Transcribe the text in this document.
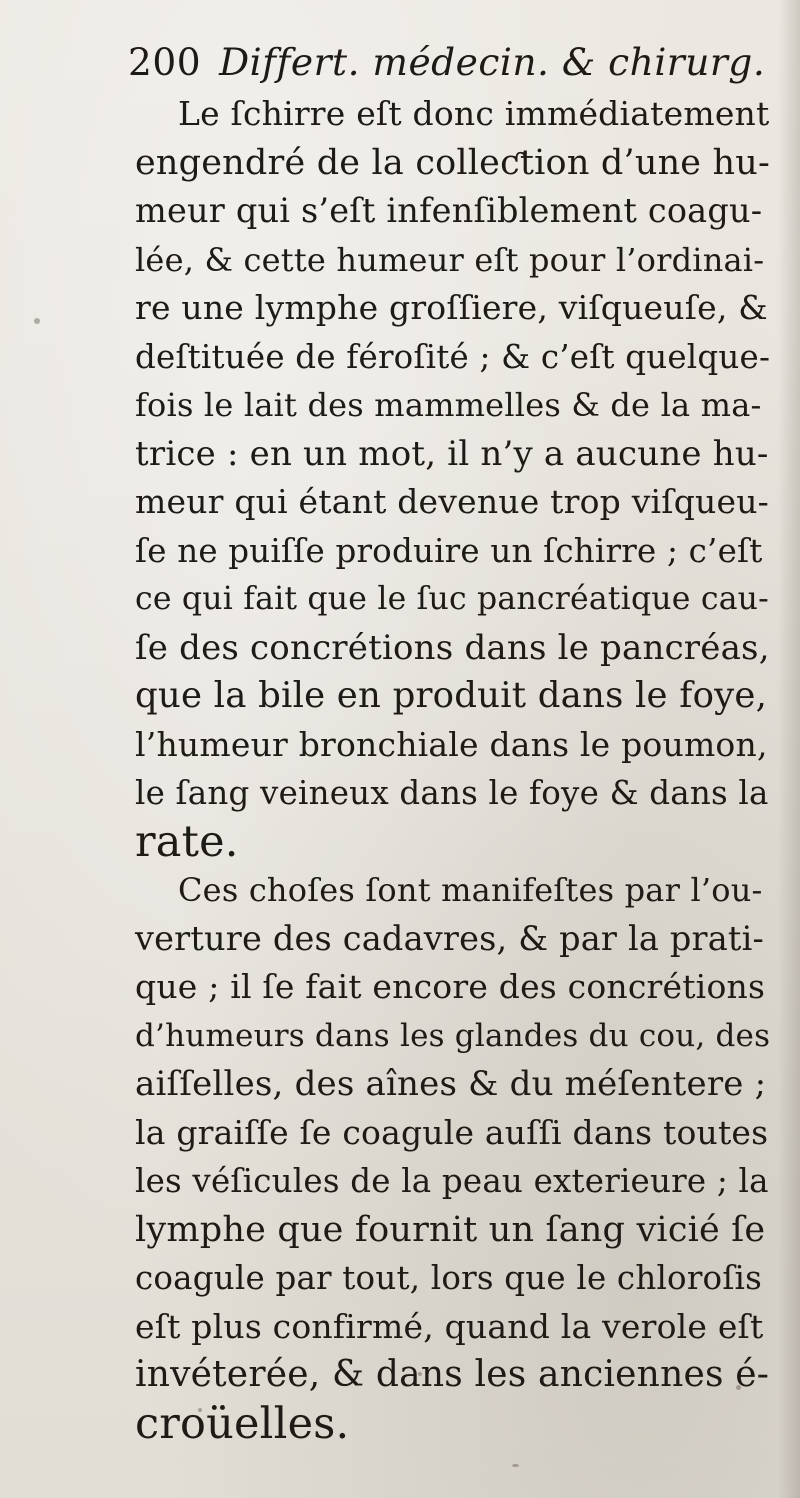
200 Differt. médecin. & chirurg.
Le ſchirre eſt donc immédiatement
engendré de la colleƈtion d’une hu-
meur qui s’eſt infenſiblement coagu-
lée, & cette humeur eſt pour l’ordinai-
re une lymphe groſſiere, viſqueuſe, &
deſtituée de féroſité ; & c’eſt quelque-
fois le lait des mammelles & de la ma-
trice : en un mot, il n’y a aucune hu-
meur qui étant devenue trop viſqueu-
ſe ne puiſſe produire un ſchirre ; c’eſt
ce qui fait que le ſuc pancréatique cau-
ſe des concrétions dans le pancréas,
que la bile en produit dans le foye,
l’humeur bronchiale dans le poumon,
le ſang veineux dans le foye & dans la
rate.
Ces choſes ſont manifeſtes par l’ou-
verture des cadavres, & par la prati-
que ; il ſe fait encore des concrétions
d’humeurs dans les glandes du cou, des
aiſſelles, des aînes & du méſentere ;
la graiſſe ſe coagule auſſi dans toutes
les véſicules de la peau exterieure ; la
lymphe que fournit un ſang vicié ſe
coagule par tout, lors que le chloroſis
eſt plus confirmé, quand la verole eſt
invéterée, & dans les anciennes é-
croüelles.
